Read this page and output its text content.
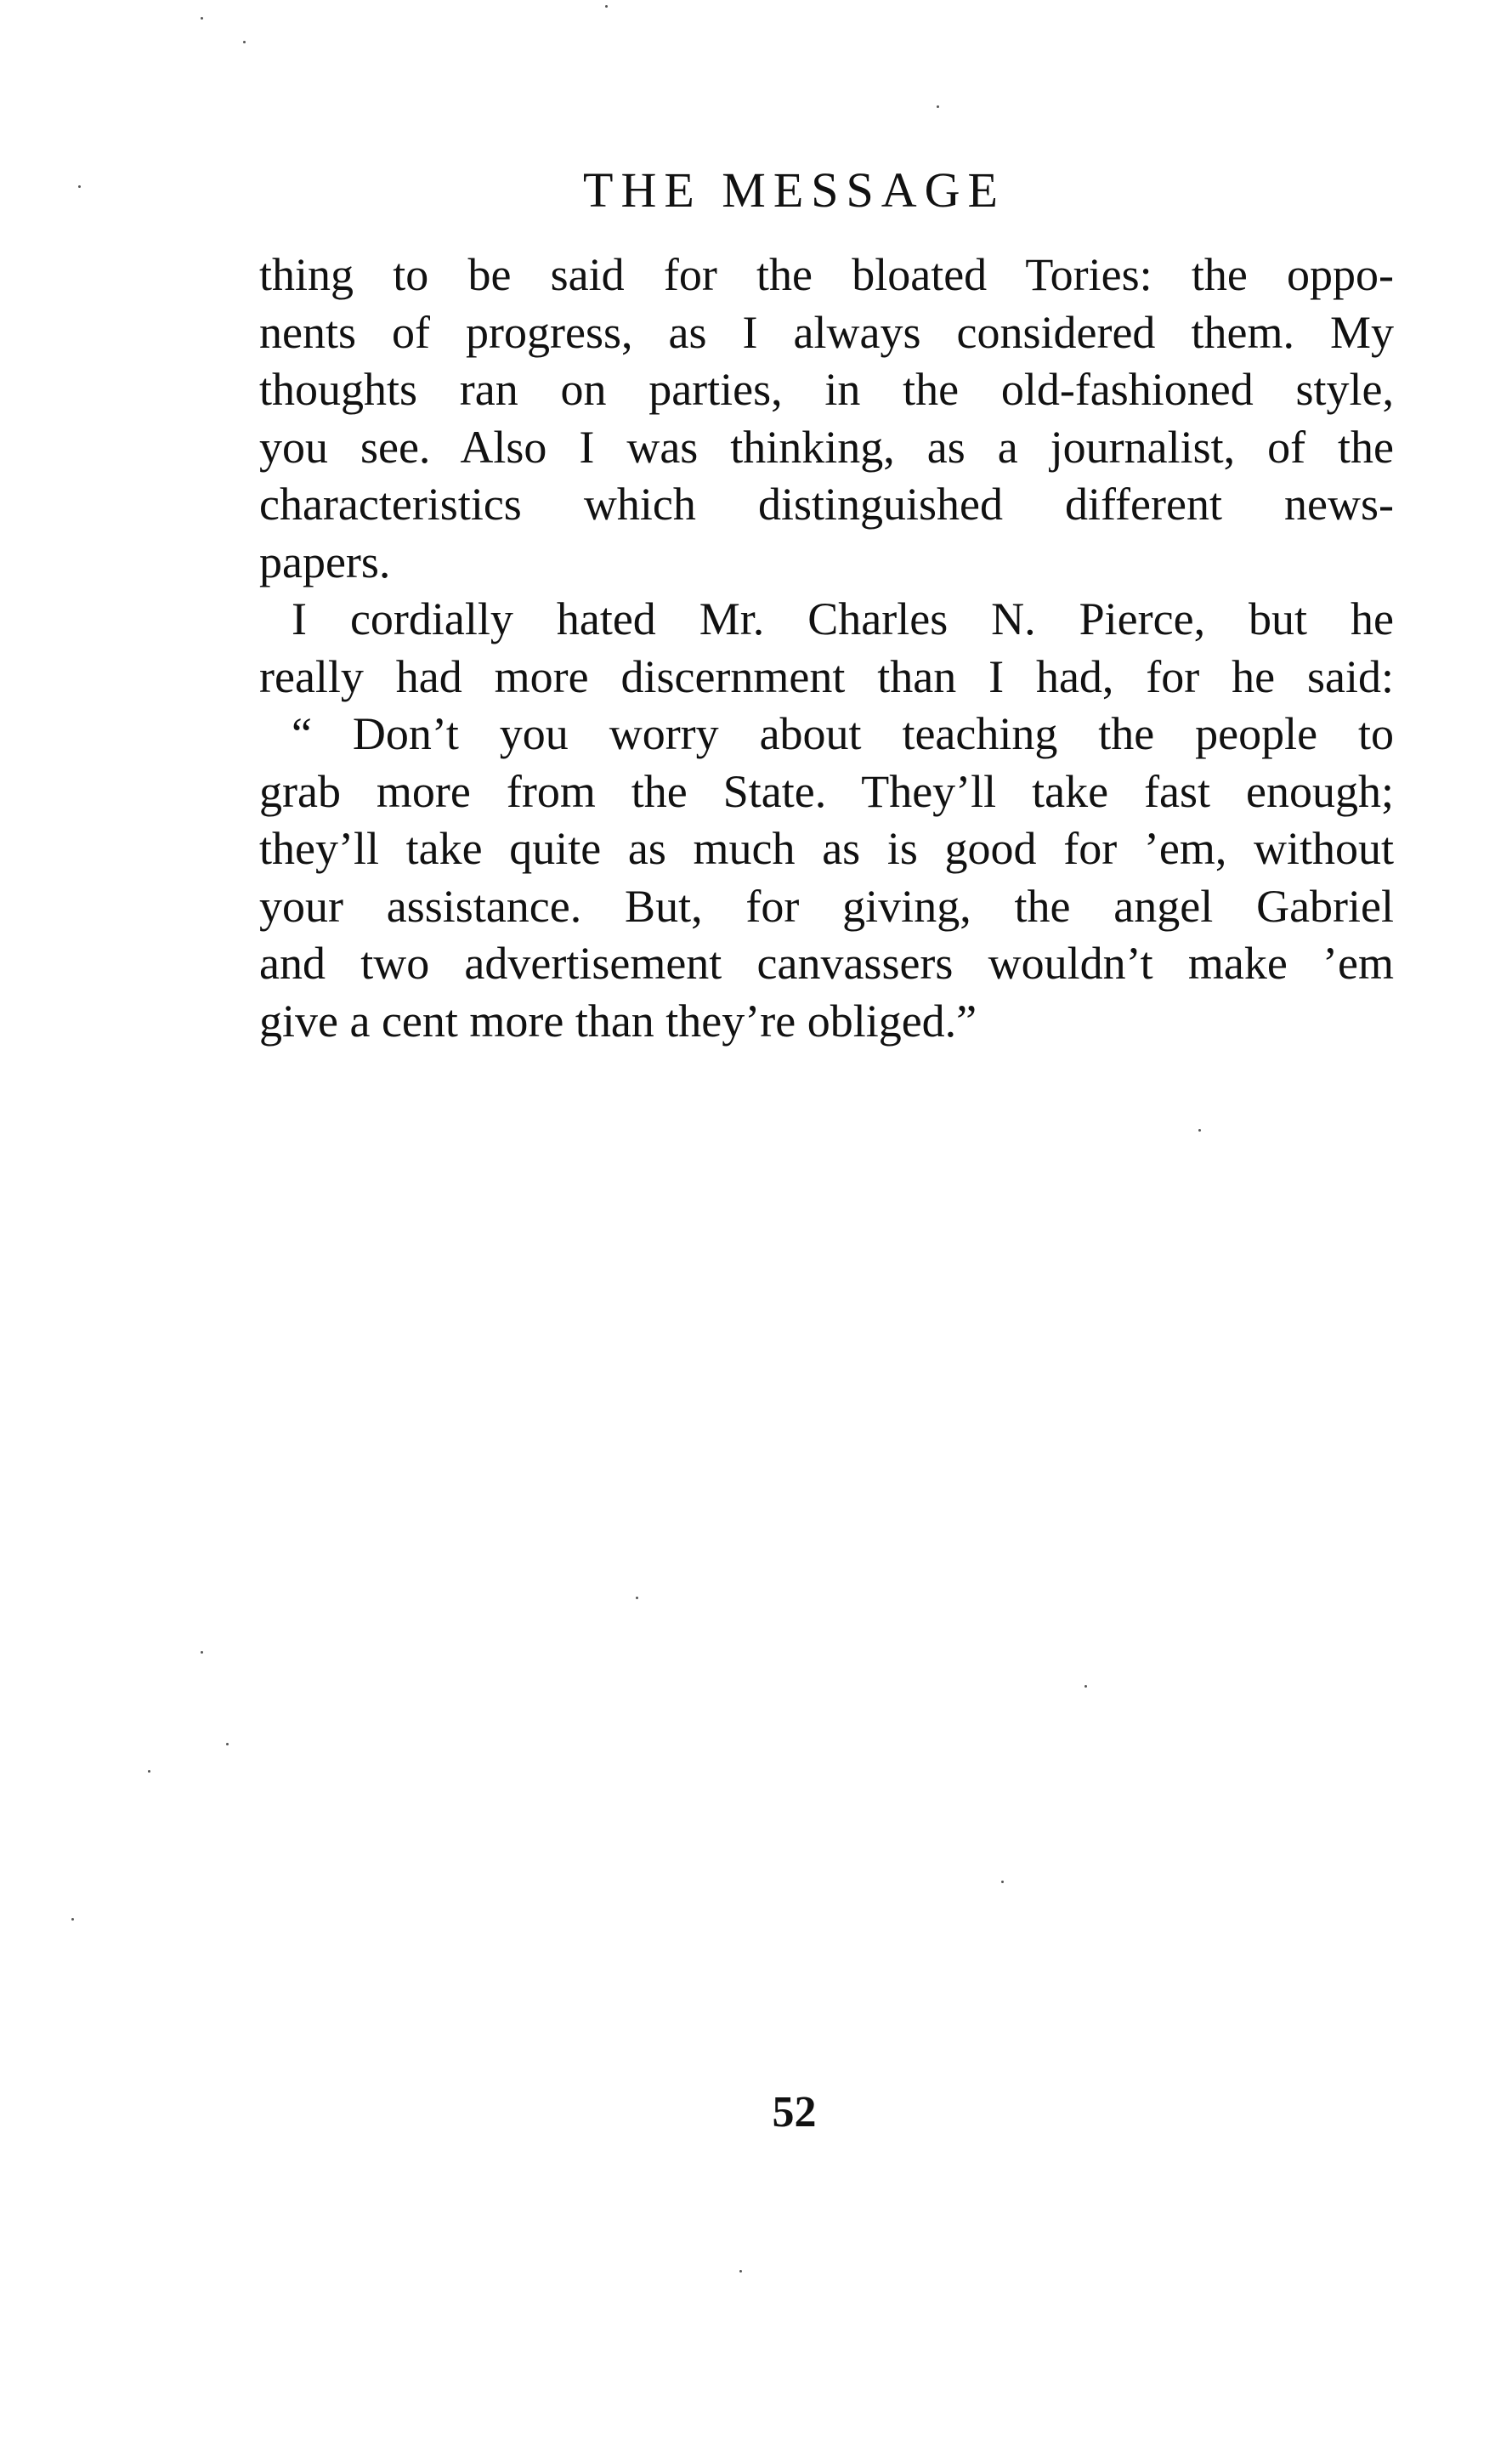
THE MESSAGE
thing to be said for the bloated Tories: the oppo-
nents of progress, as I always considered them. My
thoughts ran on parties, in the old-fashioned style,
you see. Also I was thinking, as a journalist, of the
characteristics which distinguished different news-
papers.
I cordially hated Mr. Charles N. Pierce, but he
really had more discernment than I had, for he said:
“ Don’t you worry about teaching the people to
grab more from the State. They’ll take fast enough;
they’ll take quite as much as is good for ’em, without
your assistance. But, for giving, the angel Gabriel
and two advertisement canvassers wouldn’t make ’em
give a cent more than they’re obliged.”
52
